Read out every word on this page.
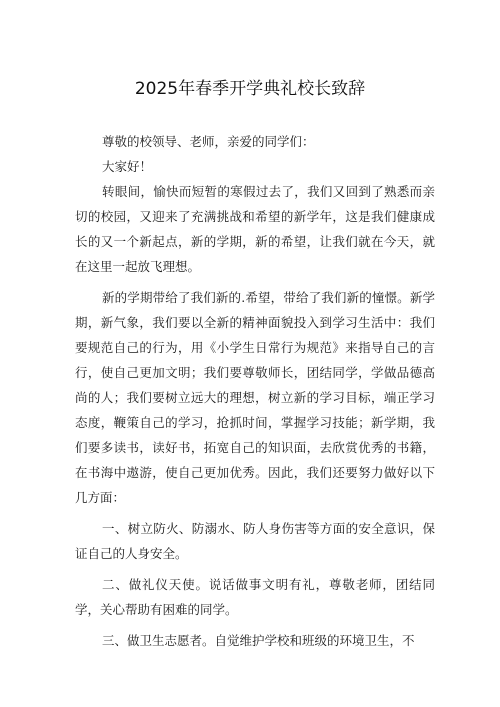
2025年春季开学典礼校长致辞

尊敬的校领导、老师，亲爱的同学们：

大家好！

转眼间，愉快而短暂的寒假过去了，我们又回到了熟悉而亲切的校园，又迎来了充满挑战和希望的新学年，这是我们健康成长的又一个新起点，新的学期，新的希望，让我们就在今天，就在这里一起放飞理想。

新的学期带给了我们新的.希望，带给了我们新的憧憬。新学期，新气象，我们要以全新的精神面貌投入到学习生活中：我们要规范自己的行为，用《小学生日常行为规范》来指导自己的言行，使自己更加文明；我们要尊敬师长，团结同学，学做品德高尚的人；我们要树立远大的理想，树立新的学习目标，端正学习态度，鞭策自己的学习，抢抓时间，掌握学习技能；新学期，我们要多读书，读好书，拓宽自己的知识面，去欣赏优秀的书籍，在书海中遨游，使自己更加优秀。因此，我们还要努力做好以下几方面：

一、树立防火、防溺水、防人身伤害等方面的安全意识，保证自己的人身安全。

二、做礼仪天使。说话做事文明有礼，尊敬老师，团结同学，关心帮助有困难的同学。

三、做卫生志愿者。自觉维护学校和班级的环境卫生，不
